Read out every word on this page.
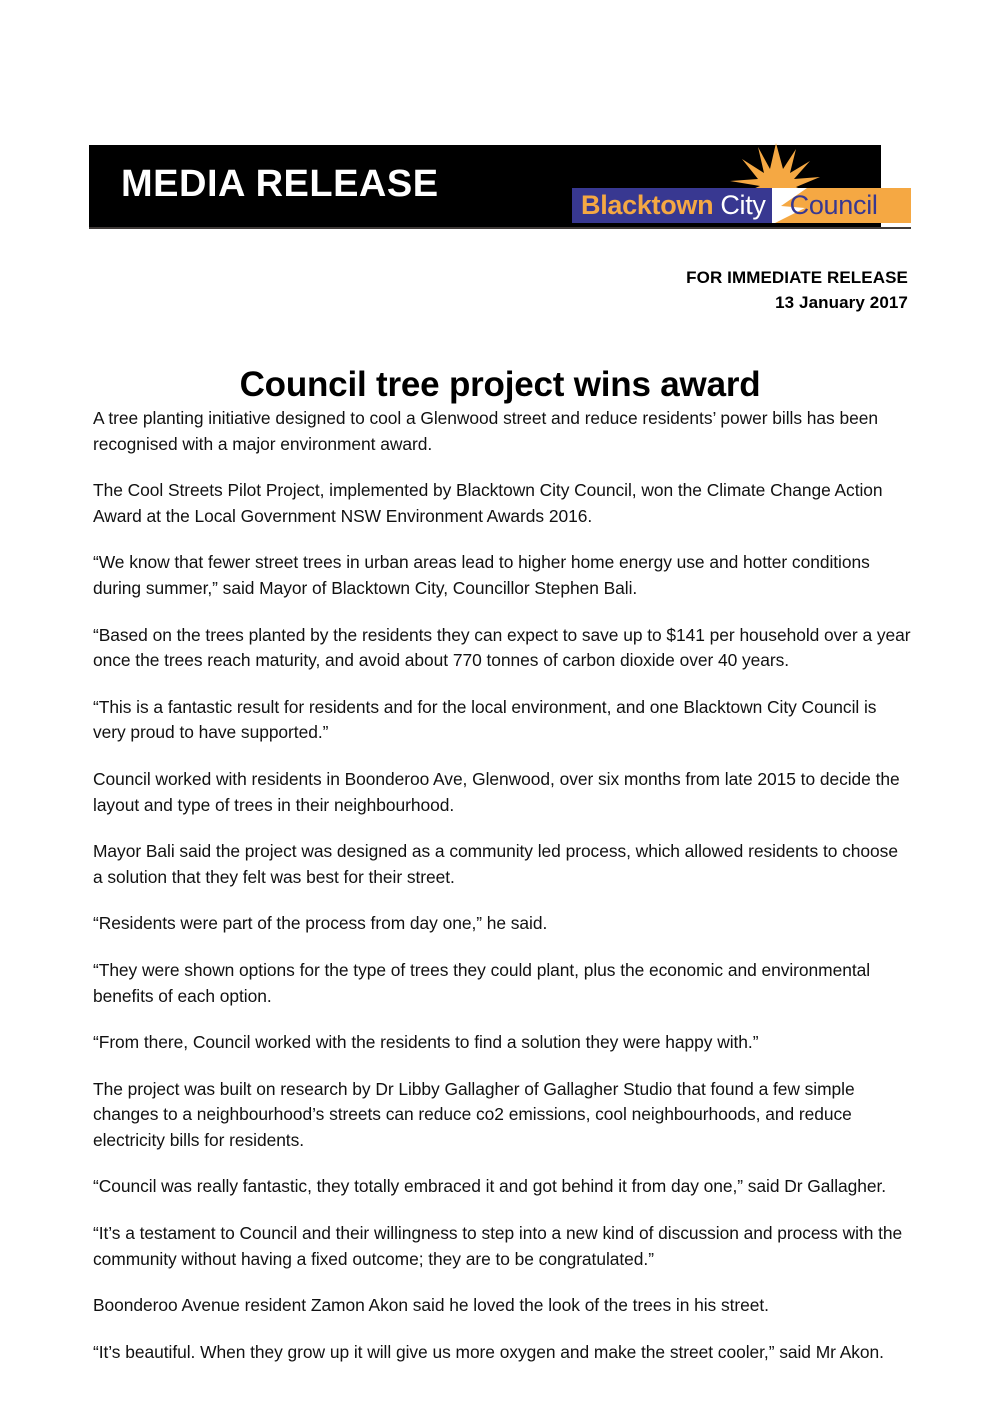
MEDIA RELEASE	Blacktown City Council
FOR IMMEDIATE RELEASE
13 January 2017
Council tree project wins award

A tree planting initiative designed to cool a Glenwood street and reduce residents’ power bills has been recognised with a major environment award.

The Cool Streets Pilot Project, implemented by Blacktown City Council, won the Climate Change Action Award at the Local Government NSW Environment Awards 2016.

“We know that fewer street trees in urban areas lead to higher home energy use and hotter conditions during summer,” said Mayor of Blacktown City, Councillor Stephen Bali.

“Based on the trees planted by the residents they can expect to save up to $141 per household over a year once the trees reach maturity, and avoid about 770 tonnes of carbon dioxide over 40 years.

“This is a fantastic result for residents and for the local environment, and one Blacktown City Council is very proud to have supported.”

Council worked with residents in Boonderoo Ave, Glenwood, over six months from late 2015 to decide the layout and type of trees in their neighbourhood.

Mayor Bali said the project was designed as a community led process, which allowed residents to choose a solution that they felt was best for their street.

“Residents were part of the process from day one,” he said.

“They were shown options for the type of trees they could plant, plus the economic and environmental benefits of each option.

“From there, Council worked with the residents to find a solution they were happy with.”

The project was built on research by Dr Libby Gallagher of Gallagher Studio that found a few simple changes to a neighbourhood’s streets can reduce co2 emissions, cool neighbourhoods, and reduce electricity bills for residents.

“Council was really fantastic, they totally embraced it and got behind it from day one,” said Dr Gallagher.

“It’s a testament to Council and their willingness to step into a new kind of discussion and process with the community without having a fixed outcome; they are to be congratulated.”

Boonderoo Avenue resident Zamon Akon said he loved the look of the trees in his street.

“It’s beautiful. When they grow up it will give us more oxygen and make the street cooler,” said Mr Akon.
